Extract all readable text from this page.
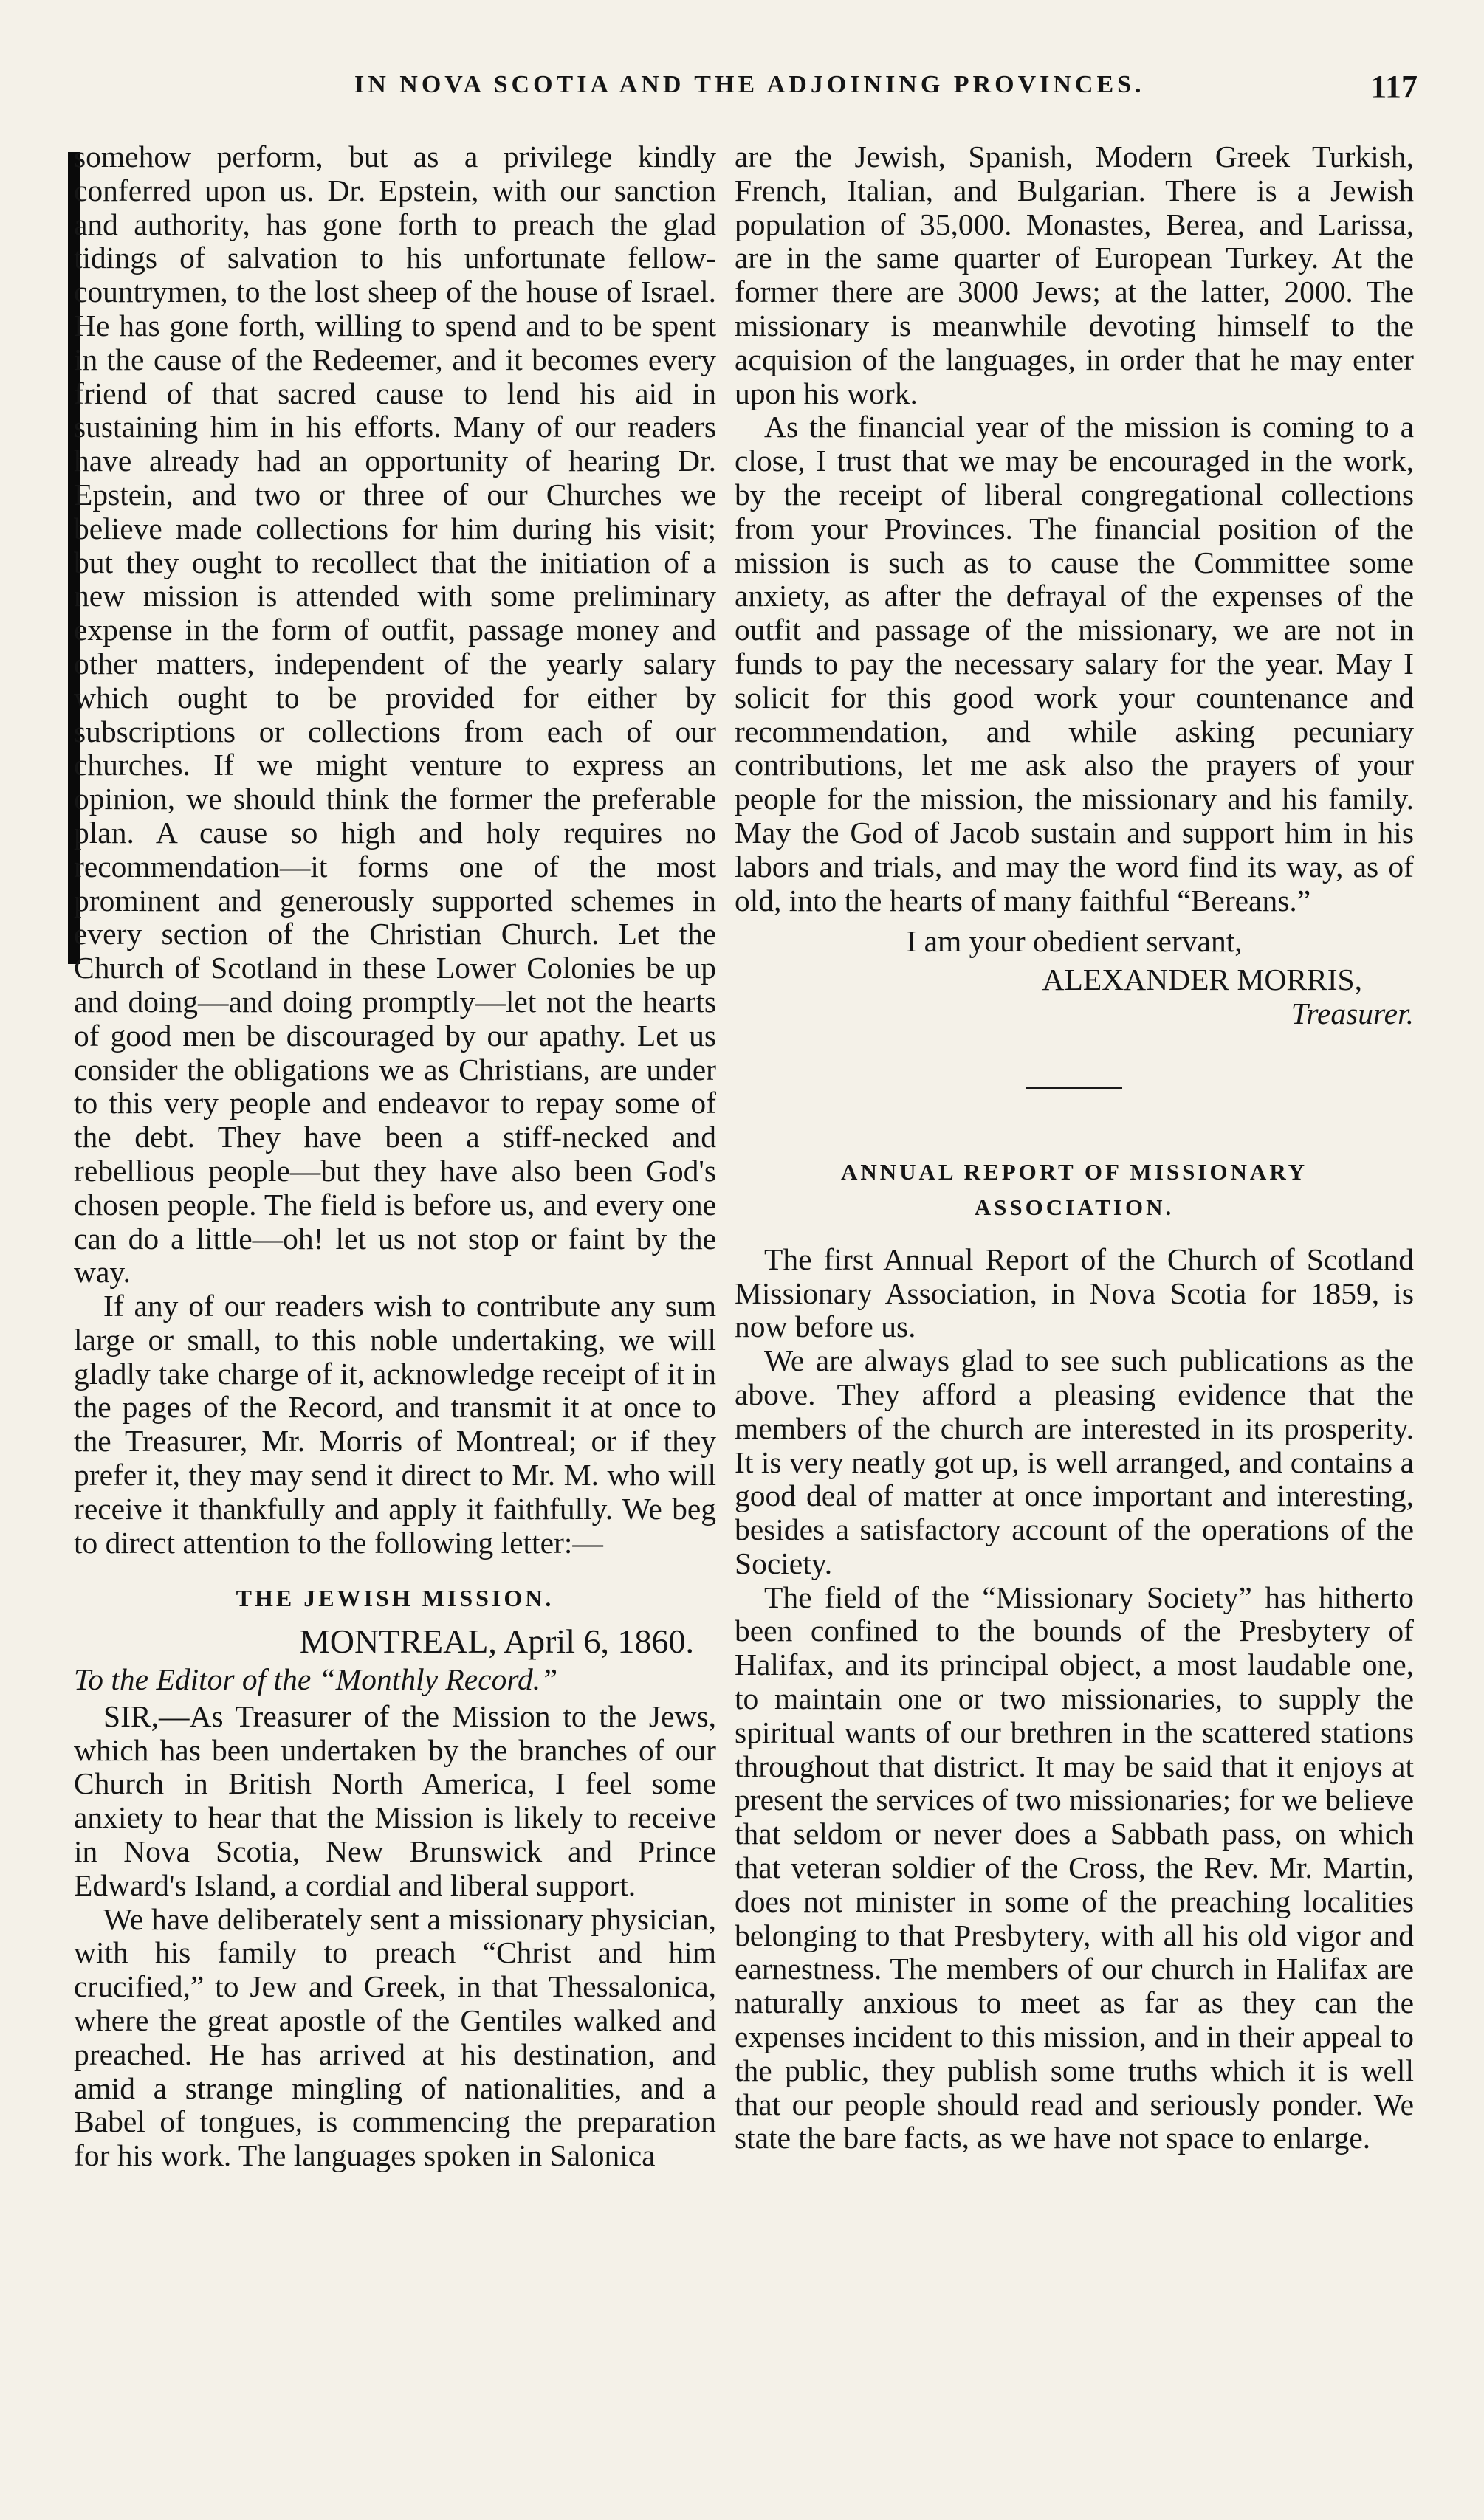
IN NOVA SCOTIA AND THE ADJOINING PROVINCES.	117

somehow perform, but as a privilege kindly conferred upon us. Dr. Epstein, with our sanction and authority, has gone forth to preach the glad tidings of salvation to his unfortunate fellow-countrymen, to the lost sheep of the house of Israel. He has gone forth, willing to spend and to be spent in the cause of the Redeemer, and it becomes every friend of that sacred cause to lend his aid in sustaining him in his efforts. Many of our readers have already had an opportunity of hearing Dr. Epstein, and two or three of our Churches we believe made collections for him during his visit; but they ought to recollect that the initiation of a new mission is attended with some preliminary expense in the form of outfit, passage money and other matters, independent of the yearly salary which ought to be provided for either by subscriptions or collections from each of our churches. If we might venture to express an opinion, we should think the former the preferable plan. A cause so high and holy requires no recommendation—it forms one of the most prominent and generously supported schemes in every section of the Christian Church. Let the Church of Scotland in these Lower Colonies be up and doing—and doing promptly—let not the hearts of good men be discouraged by our apathy. Let us consider the obligations we as Christians, are under to this very people and endeavor to repay some of the debt. They have been a stiff-necked and rebellious people—but they have also been God's chosen people. The field is before us, and every one can do a little—oh! let us not stop or faint by the way.

If any of our readers wish to contribute any sum large or small, to this noble undertaking, we will gladly take charge of it, acknowledge receipt of it in the pages of the Record, and transmit it at once to the Treasurer, Mr. Morris of Montreal; or if they prefer it, they may send it direct to Mr. M. who will receive it thankfully and apply it faithfully. We beg to direct attention to the following letter:—

THE JEWISH MISSION.
MONTREAL, April 6, 1860.
To the Editor of the “Monthly Record.”

SIR,—As Treasurer of the Mission to the Jews, which has been undertaken by the branches of our Church in British North America, I feel some anxiety to hear that the Mission is likely to receive in Nova Scotia, New Brunswick and Prince Edward's Island, a cordial and liberal support.

We have deliberately sent a missionary physician, with his family to preach “Christ and him crucified,” to Jew and Greek, in that Thessalonica, where the great apostle of the Gentiles walked and preached. He has arrived at his destination, and amid a strange mingling of nationalities, and a Babel of tongues, is commencing the preparation for his work. The languages spoken in Salonica

are the Jewish, Spanish, Modern Greek Turkish, French, Italian, and Bulgarian. There is a Jewish population of 35,000. Monastes, Berea, and Larissa, are in the same quarter of European Turkey. At the former there are 3000 Jews; at the latter, 2000. The missionary is meanwhile devoting himself to the acquision of the languages, in order that he may enter upon his work.

As the financial year of the mission is coming to a close, I trust that we may be encouraged in the work, by the receipt of liberal congregational collections from your Provinces. The financial position of the mission is such as to cause the Committee some anxiety, as after the defrayal of the expenses of the outfit and passage of the missionary, we are not in funds to pay the necessary salary for the year. May I solicit for this good work your countenance and recommendation, and while asking pecuniary contributions, let me ask also the prayers of your people for the mission, the missionary and his family. May the God of Jacob sustain and support him in his labors and trials, and may the word find its way, as of old, into the hearts of many faithful “Bereans.”

I am your obedient servant,
ALEXANDER MORRIS,
Treasurer.
ANNUAL REPORT OF MISSIONARY
ASSOCIATION.

The first Annual Report of the Church of Scotland Missionary Association, in Nova Scotia for 1859, is now before us.

We are always glad to see such publications as the above. They afford a pleasing evidence that the members of the church are interested in its prosperity. It is very neatly got up, is well arranged, and contains a good deal of matter at once important and interesting, besides a satisfactory account of the operations of the Society.

The field of the “Missionary Society” has hitherto been confined to the bounds of the Presbytery of Halifax, and its principal object, a most laudable one, to maintain one or two missionaries, to supply the spiritual wants of our brethren in the scattered stations throughout that district. It may be said that it enjoys at present the services of two missionaries; for we believe that seldom or never does a Sabbath pass, on which that veteran soldier of the Cross, the Rev. Mr. Martin, does not minister in some of the preaching localities belonging to that Presbytery, with all his old vigor and earnestness. The members of our church in Halifax are naturally anxious to meet as far as they can the expenses incident to this mission, and in their appeal to the public, they publish some truths which it is well that our people should read and seriously ponder. We state the bare facts, as we have not space to enlarge.
